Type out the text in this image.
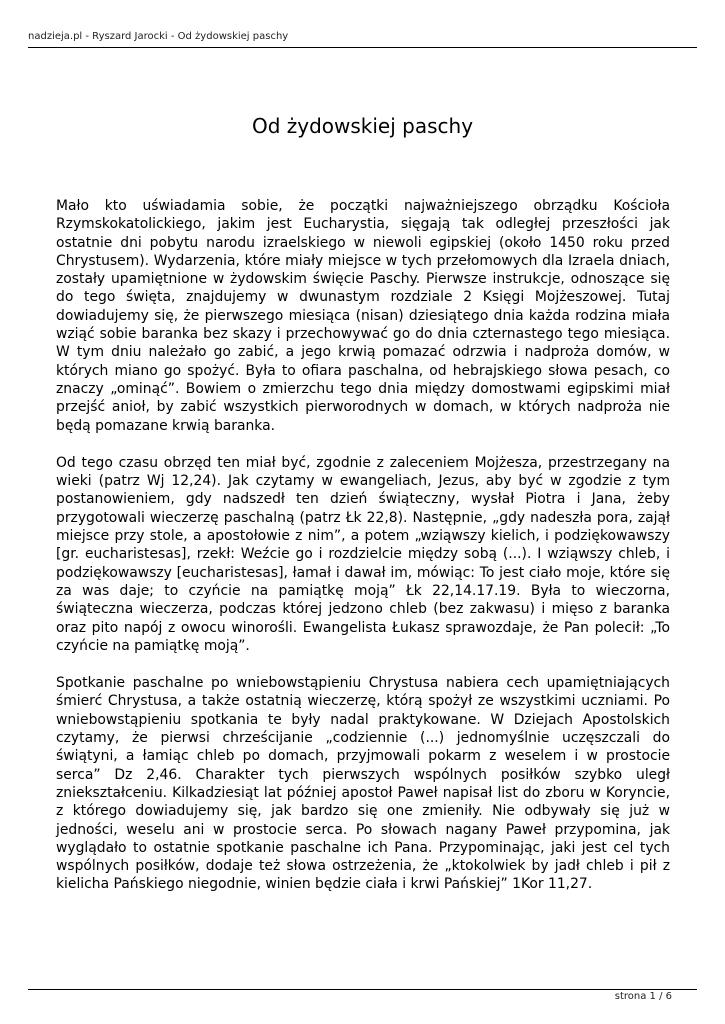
nadzieja.pl - Ryszard Jarocki - Od żydowskiej paschy
Od żydowskiej paschy

Mało kto uświadamia sobie, że początki najważniejszego obrządku Kościoła Rzymskokatolickiego, jakim jest Eucharystia, sięgają tak odległej przeszłości jak ostatnie dni pobytu narodu izraelskiego w niewoli egipskiej (około 1450 roku przed Chrystusem). Wydarzenia, które miały miejsce w tych przełomowych dla Izraela dniach, zostały upamiętnione w żydowskim święcie Paschy. Pierwsze instrukcje, odnoszące się do tego święta, znajdujemy w dwunastym rozdziale 2 Księgi Mojżeszowej. Tutaj dowiadujemy się, że pierwszego miesiąca (nisan) dziesiątego dnia każda rodzina miała wziąć sobie baranka bez skazy i przechowywać go do dnia czternastego tego miesiąca. W tym dniu należało go zabić, a jego krwią pomazać odrzwia i nadproża domów, w których miano go spożyć. Była to ofiara paschalna, od hebrajskiego słowa pesach, co znaczy „ominąć”. Bowiem o zmierzchu tego dnia między domostwami egipskimi miał przejść anioł, by zabić wszystkich pierworodnych w domach, w których nadproża nie będą pomazane krwią baranka.

Od tego czasu obrzęd ten miał być, zgodnie z zaleceniem Mojżesza, przestrzegany na wieki (patrz Wj 12,24). Jak czytamy w ewangeliach, Jezus, aby być w zgodzie z tym postanowieniem, gdy nadszedł ten dzień świąteczny, wysłał Piotra i Jana, żeby przygotowali wieczerzę paschalną (patrz Łk 22,8). Następnie, „gdy nadeszła pora, zajął miejsce przy stole, a apostołowie z nim”, a potem „wziąwszy kielich, i podziękowawszy [gr. eucharistesas], rzekł: Weźcie go i rozdzielcie między sobą (...). I wziąwszy chleb, i podziękowawszy [eucharistesas], łamał i dawał im, mówiąc: To jest ciało moje, które się za was daje; to czyńcie na pamiątkę moją” Łk 22,14.17.19. Była to wieczorna, świąteczna wieczerza, podczas której jedzono chleb (bez zakwasu) i mięso z baranka oraz pito napój z owocu winorośli. Ewangelista Łukasz sprawozdaje, że Pan polecił: „To czyńcie na pamiątkę moją”.

Spotkanie paschalne po wniebowstąpieniu Chrystusa nabiera cech upamiętniających śmierć Chrystusa, a także ostatnią wieczerzę, którą spożył ze wszystkimi uczniami. Po wniebowstąpieniu spotkania te były nadal praktykowane. W Dziejach Apostolskich czytamy, że pierwsi chrześcijanie „codziennie (...) jednomyślnie uczęszczali do świątyni, a łamiąc chleb po domach, przyjmowali pokarm z weselem i w prostocie serca” Dz 2,46. Charakter tych pierwszych wspólnych posiłków szybko uległ zniekształceniu. Kilkadziesiąt lat później apostoł Paweł napisał list do zboru w Koryncie, z którego dowiadujemy się, jak bardzo się one zmieniły. Nie odbywały się już w jedności, weselu ani w prostocie serca. Po słowach nagany Paweł przypomina, jak wyglądało to ostatnie spotkanie paschalne ich Pana. Przypominając, jaki jest cel tych wspólnych posiłków, dodaje też słowa ostrzeżenia, że „ktokolwiek by jadł chleb i pił z kielicha Pańskiego niegodnie, winien będzie ciała i krwi Pańskiej” 1Kor 11,27.

strona 1 / 6
